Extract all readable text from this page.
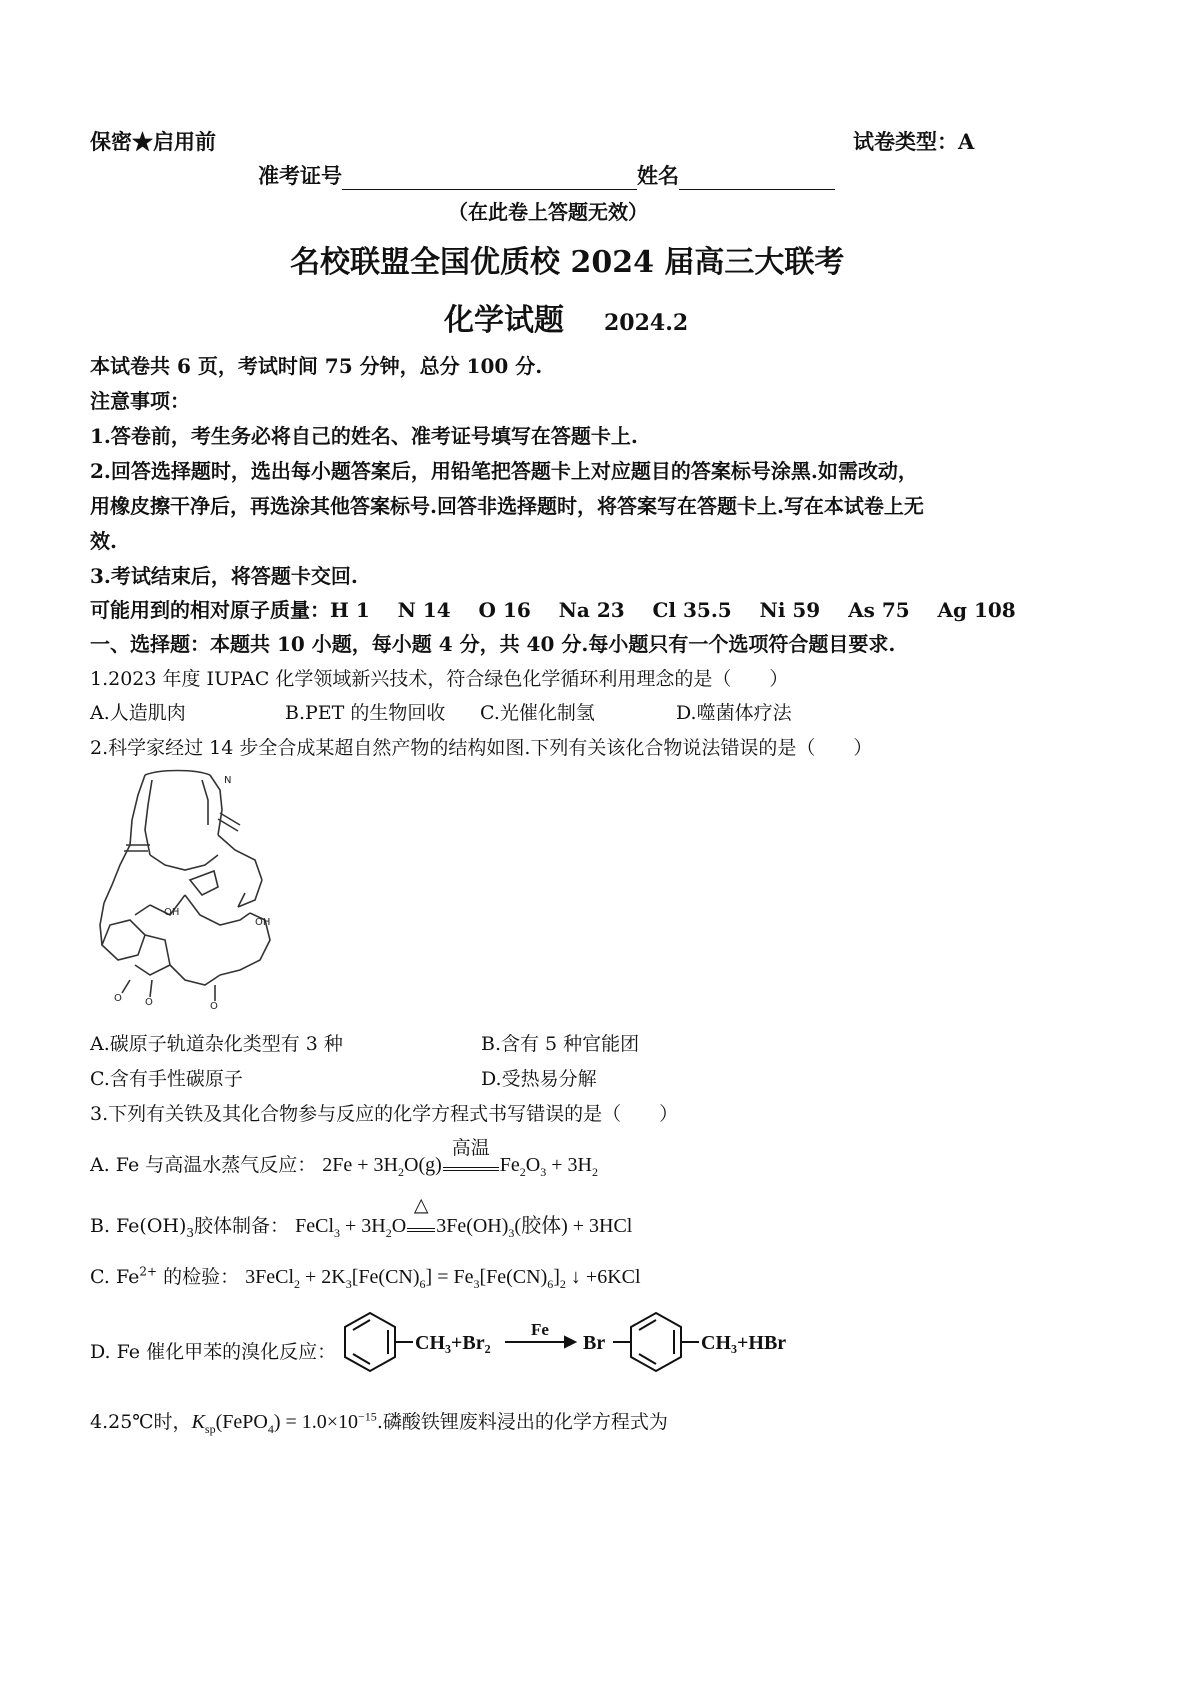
保密★启用前	试卷类型：A
准考证号	姓名
（在此卷上答题无效）
名校联盟全国优质校 2024 届高三大联考
化学试题 2024.2
本试卷共 6 页，考试时间 75 分钟，总分 100 分.
注意事项：
1.答卷前，考生务必将自己的姓名、准考证号填写在答题卡上.
2.回答选择题时，选出每小题答案后，用铅笔把答题卡上对应题目的答案标号涂黑.如需改动，
用橡皮擦干净后，再选涂其他答案标号.回答非选择题时，将答案写在答题卡上.写在本试卷上无
效.
3.考试结束后，将答题卡交回.
可能用到的相对原子质量：H 1    N 14    O 16    Na 23    Cl 35.5    Ni 59    As 75    Ag 108
一、选择题：本题共 10 小题，每小题 4 分，共 40 分.每小题只有一个选项符合题目要求.
1.2023 年度 IUPAC 化学领域新兴技术，符合绿色化学循环利用理念的是（　　）
A.人造肌肉	B.PET 的生物回收 C.光催化制氢	D.噬菌体疗法
2.科学家经过 14 步全合成某超自然产物的结构如图.下列有关该化合物说法错误的是（　　）
N
OH
OH
O O	O
A.碳原子轨道杂化类型有 3 种	B.含有 5 种官能团
C.含有手性碳原子	D.受热易分解
3.下列有关铁及其化合物参与反应的化学方程式书写错误的是（　　）
A. Fe 与高温水蒸气反应： $2Fe + 3H_2O(g)$
高温
$Fe_2O_3 + 3H_2$
B. $Fe(OH)_3$胶体制备： FeCl$_3$ + $3H_2O$
△
$3Fe(OH)_3$(胶体) + 3HCl
C. $Fe^{2+}$ 的检验： 3FeCl$_2$ + $2K_3[Fe(CN)_6] = Fe_3[Fe(CN)_6]_2$ ↓ +6KCl
D. Fe 催化甲苯的溴化反应：	CH₃+Br₂
Fe
Br	CH₃+HBr
4.25℃时，$K_{sp}(FePO_4) = 1.0\times 10^{-15}$.磷酸铁锂废料浸出的化学方程式为
